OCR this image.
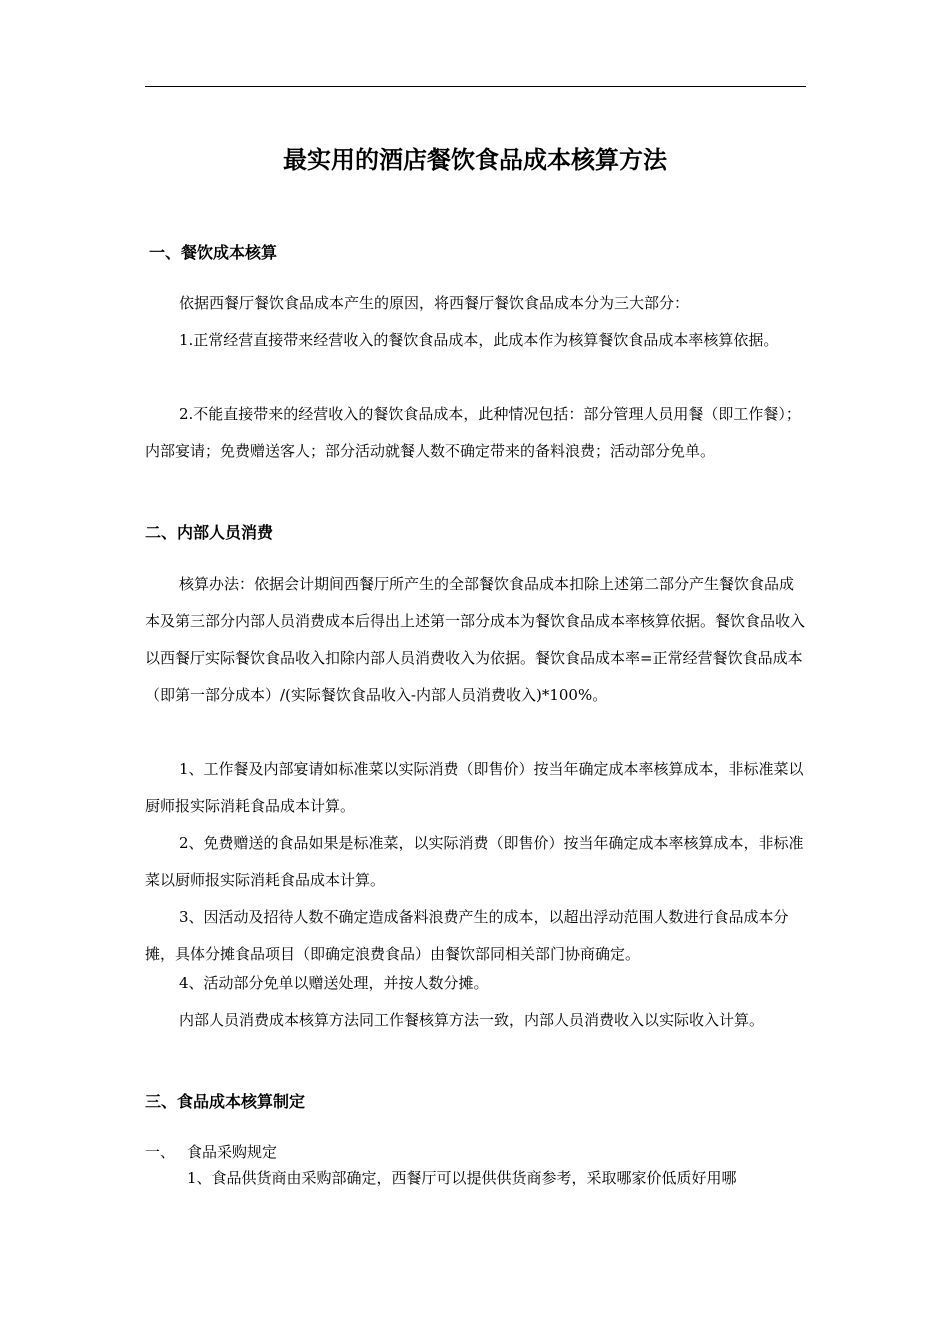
最实用的酒店餐饮食品成本核算方法
一、餐饮成本核算
依据西餐厅餐饮食品成本产生的原因，将西餐厅餐饮食品成本分为三大部分：
1.正常经营直接带来经营收入的餐饮食品成本，此成本作为核算餐饮食品成本率核算依据。
2.不能直接带来的经营收入的餐饮食品成本，此种情况包括：部分管理人员用餐（即工作餐）；内部宴请；免费赠送客人；部分活动就餐人数不确定带来的备料浪费；活动部分免单。
二、内部人员消费
核算办法：依据会计期间西餐厅所产生的全部餐饮食品成本扣除上述第二部分产生餐饮食品成本及第三部分内部人员消费成本后得出上述第一部分成本为餐饮食品成本率核算依据。餐饮食品收入以西餐厅实际餐饮食品收入扣除内部人员消费收入为依据。餐饮食品成本率=正常经营餐饮食品成本（即第一部分成本）/(实际餐饮食品收入-内部人员消费收入)*100%。
1、工作餐及内部宴请如标准菜以实际消费（即售价）按当年确定成本率核算成本，非标准菜以厨师报实际消耗食品成本计算。
2、免费赠送的食品如果是标准菜，以实际消费（即售价）按当年确定成本率核算成本，非标准菜以厨师报实际消耗食品成本计算。
3、因活动及招待人数不确定造成备料浪费产生的成本，以超出浮动范围人数进行食品成本分摊，具体分摊食品项目（即确定浪费食品）由餐饮部同相关部门协商确定。
4、活动部分免单以赠送处理，并按人数分摊。
内部人员消费成本核算方法同工作餐核算方法一致，内部人员消费收入以实际收入计算。
三、食品成本核算制定
一、 食品采购规定
1、食品供货商由采购部确定，西餐厅可以提供供货商参考，采取哪家价低质好用哪
